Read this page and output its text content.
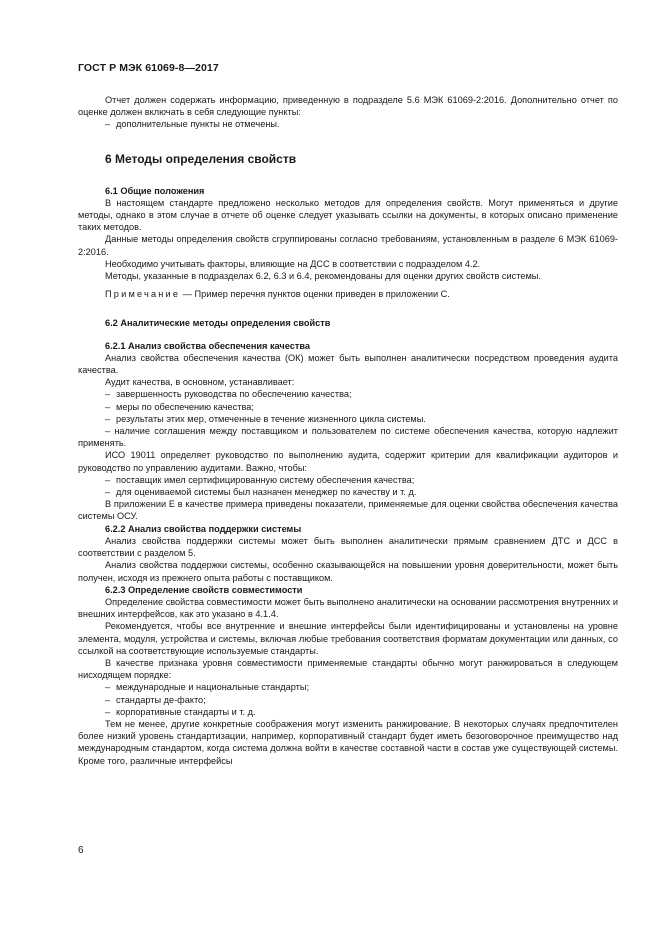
ГОСТ Р МЭК 61069-8—2017

Отчет должен содержать информацию, приведенную в подразделе 5.6 МЭК 61069-2:2016. Дополнительно отчет по оценке должен включать в себя следующие пункты:

– дополнительные пункты не отмечены.

6 Методы определения свойств
6.1 Общие положения

В настоящем стандарте предложено несколько методов для определения свойств. Могут применяться и другие методы, однако в этом случае в отчете об оценке следует указывать ссылки на документы, в которых описано применение таких методов.

Данные методы определения свойств сгруппированы согласно требованиям, установленным в разделе 6 МЭК 61069-2:2016.

Необходимо учитывать факторы, влияющие на ДСС в соответствии с подразделом 4.2.

Методы, указанные в подразделах 6.2, 6.3 и 6.4, рекомендованы для оценки других свойств системы.

Примечание — Пример перечня пунктов оценки приведен в приложении С.

6.2 Аналитические методы определения свойств
6.2.1 Анализ свойства обеспечения качества

Анализ свойства обеспечения качества (ОК) может быть выполнен аналитически посредством проведения аудита качества.

Аудит качества, в основном, устанавливает:

– завершенность руководства по обеспечению качества;

– меры по обеспечению качества;

– результаты этих мер, отмеченные в течение жизненного цикла системы.

– наличие соглашения между поставщиком и пользователем по системе обеспечения качества, которую надлежит применять.

ИСО 19011 определяет руководство по выполнению аудита, содержит критерии для квалификации аудиторов и руководство по управлению аудитами. Важно, чтобы:

– поставщик имел сертифицированную систему обеспечения качества;

– для оцениваемой системы был назначен менеджер по качеству и т. д.

В приложении Е в качестве примера приведены показатели, применяемые для оценки свойства обеспечения качества системы ОСУ.

6.2.2 Анализ свойства поддержки системы

Анализ свойства поддержки системы может быть выполнен аналитически прямым сравнением ДТС и ДСС в соответствии с разделом 5.

Анализ свойства поддержки системы, особенно сказывающейся на повышении уровня доверительности, может быть получен, исходя из прежнего опыта работы с поставщиком.

6.2.3 Определение свойств совместимости

Определение свойства совместимости может быть выполнено аналитически на основании рассмотрения внутренних и внешних интерфейсов, как это указано в 4.1.4.

Рекомендуется, чтобы все внутренние и внешние интерфейсы были идентифицированы и установлены на уровне элемента, модуля, устройства и системы, включая любые требования соответствия форматам документации или данных, со ссылкой на соответствующие используемые стандарты.

В качестве признака уровня совместимости применяемые стандарты обычно могут ранжироваться в следующем нисходящем порядке:

– международные и национальные стандарты;

– стандарты де-факто;

– корпоративные стандарты и т. д.

Тем не менее, другие конкретные соображения могут изменить ранжирование. В некоторых случаях предпочтителен более низкий уровень стандартизации, например, корпоративный стандарт будет иметь безоговорочное преимущество над международным стандартом, когда система должна войти в качестве составной части в состав уже существующей системы. Кроме того, различные интерфейсы

6
